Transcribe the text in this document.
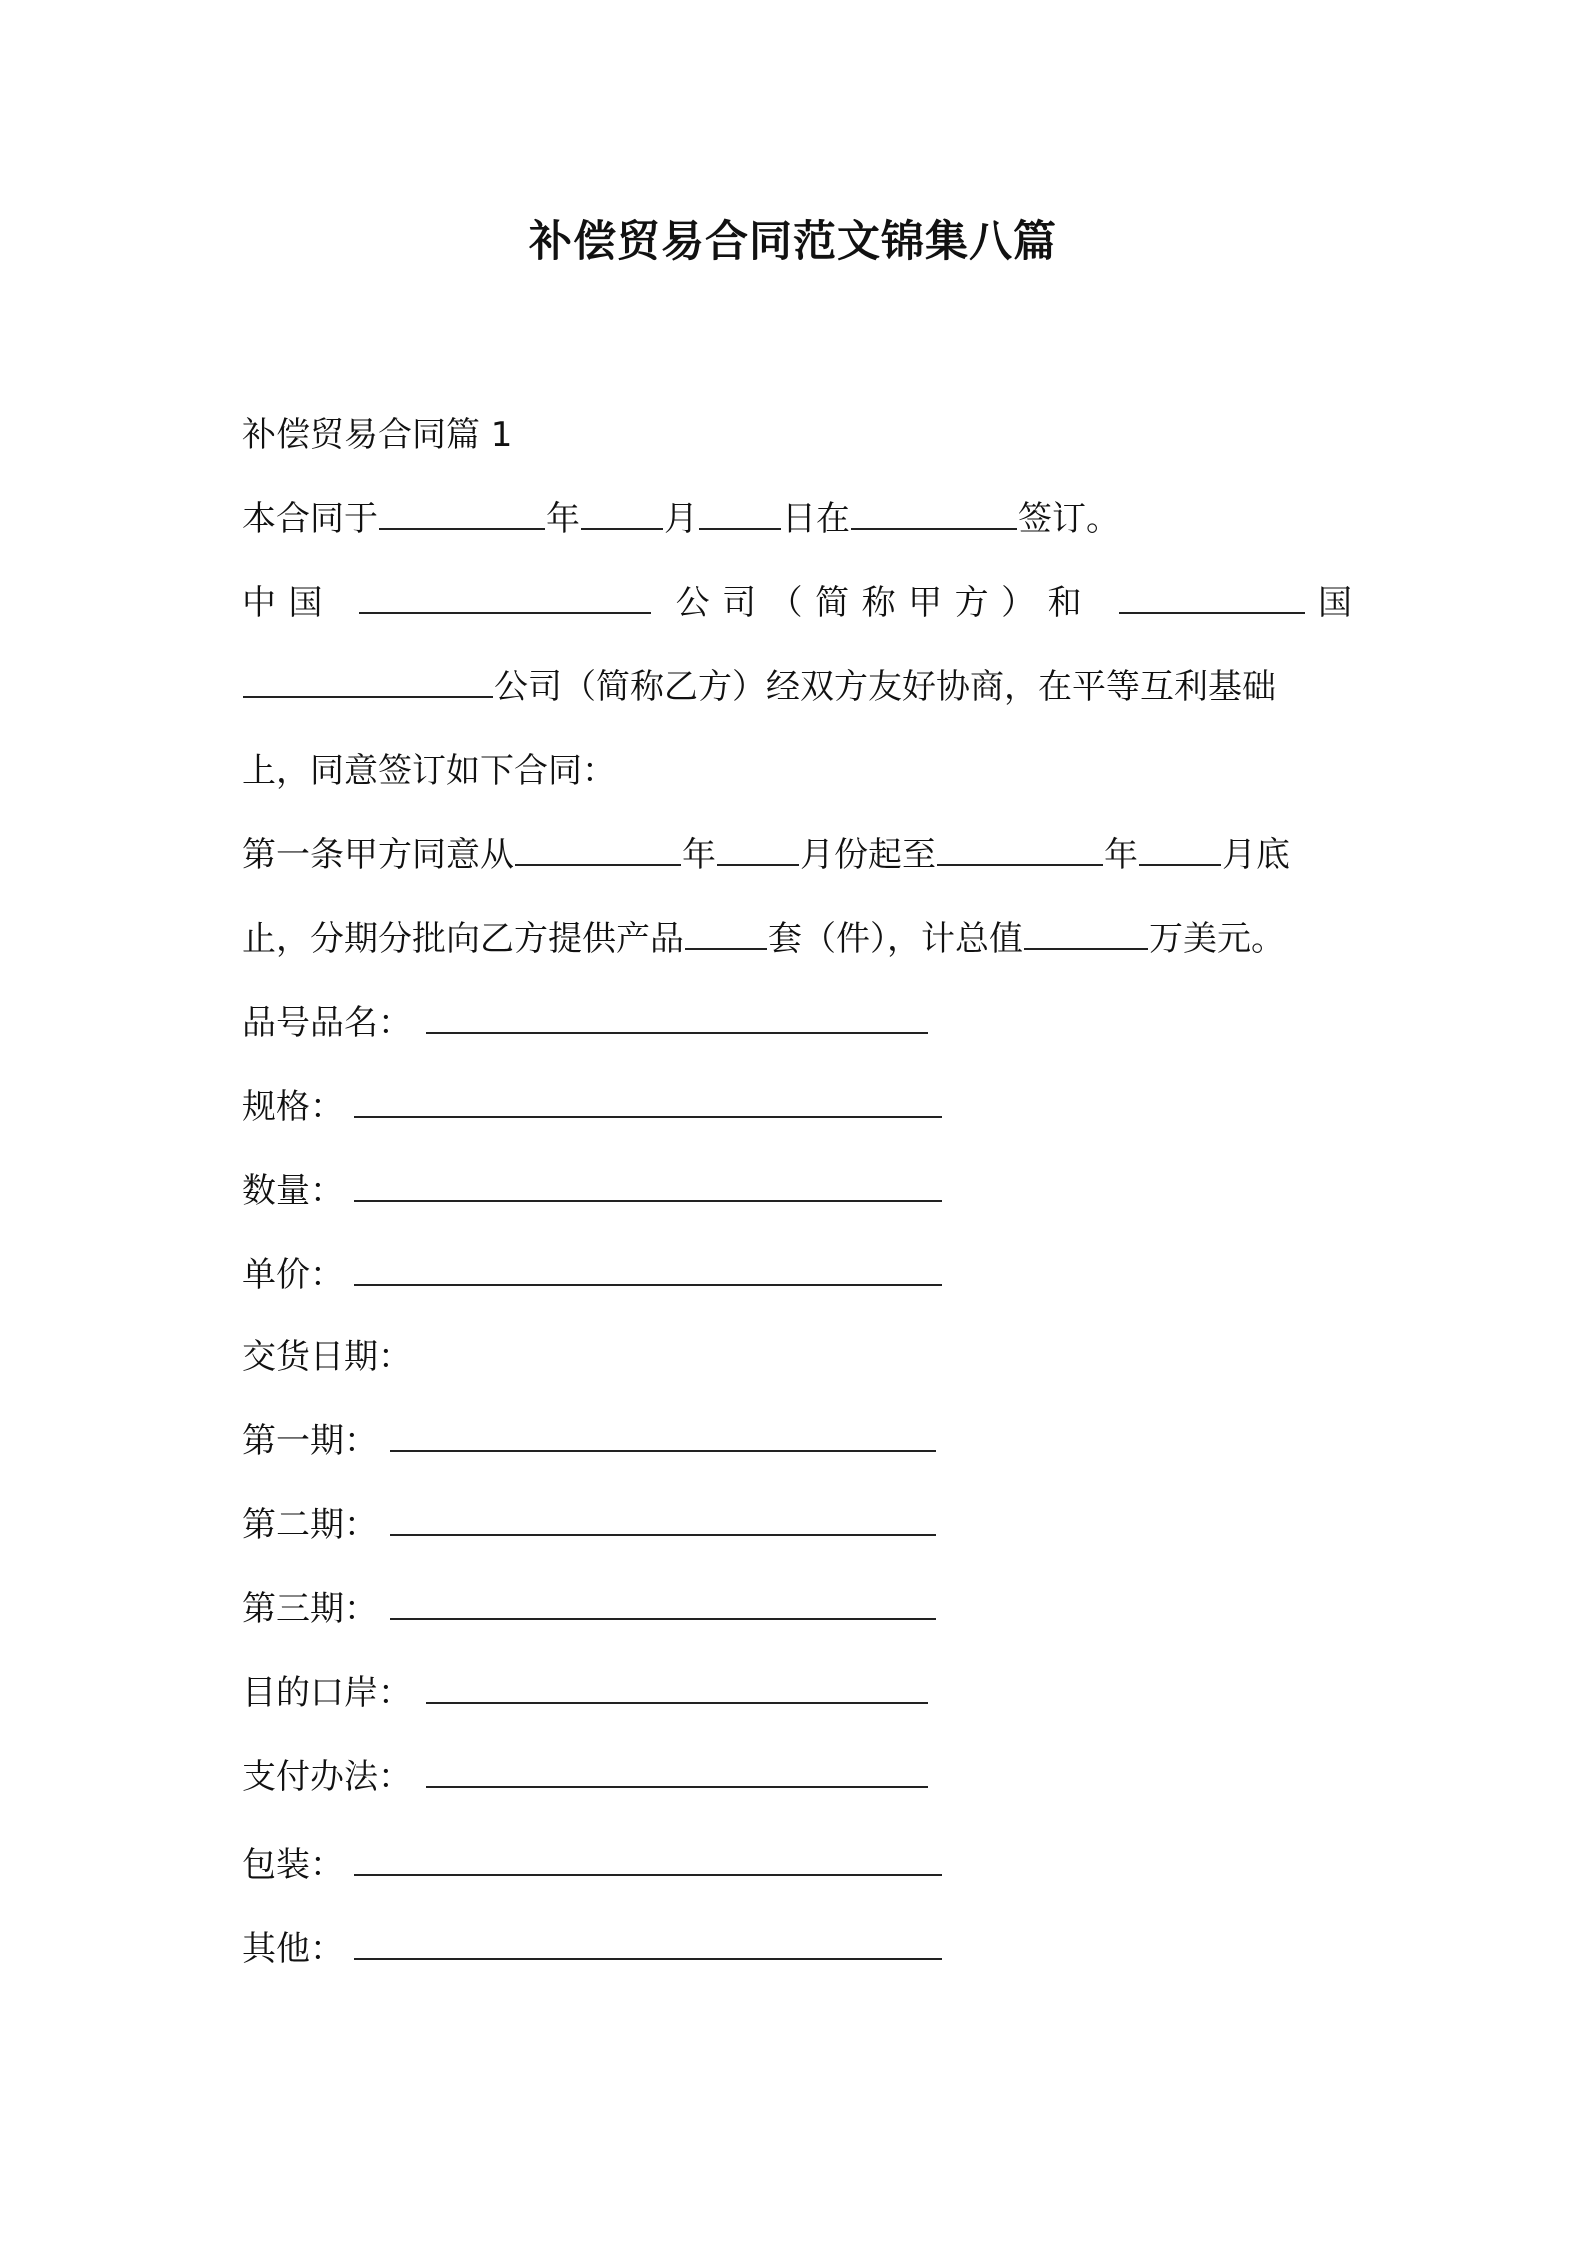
补偿贸易合同范文锦集八篇
补偿贸易合同篇 1
本合同于	年 月 日在	签订。
中国	公司（简称甲方）和	国
公司（简称乙方）经双方友好协商，在平等互利基础
上，同意签订如下合同：
第一条甲方同意从	年 月份起至	年 月底
止，分期分批向乙方提供产品 套（件），计总值	万美元。
品号品名：
规格：
数量：
单价：
交货日期：
第一期：
第二期：
第三期：
目的口岸：
支付办法：
包装：
其他：
